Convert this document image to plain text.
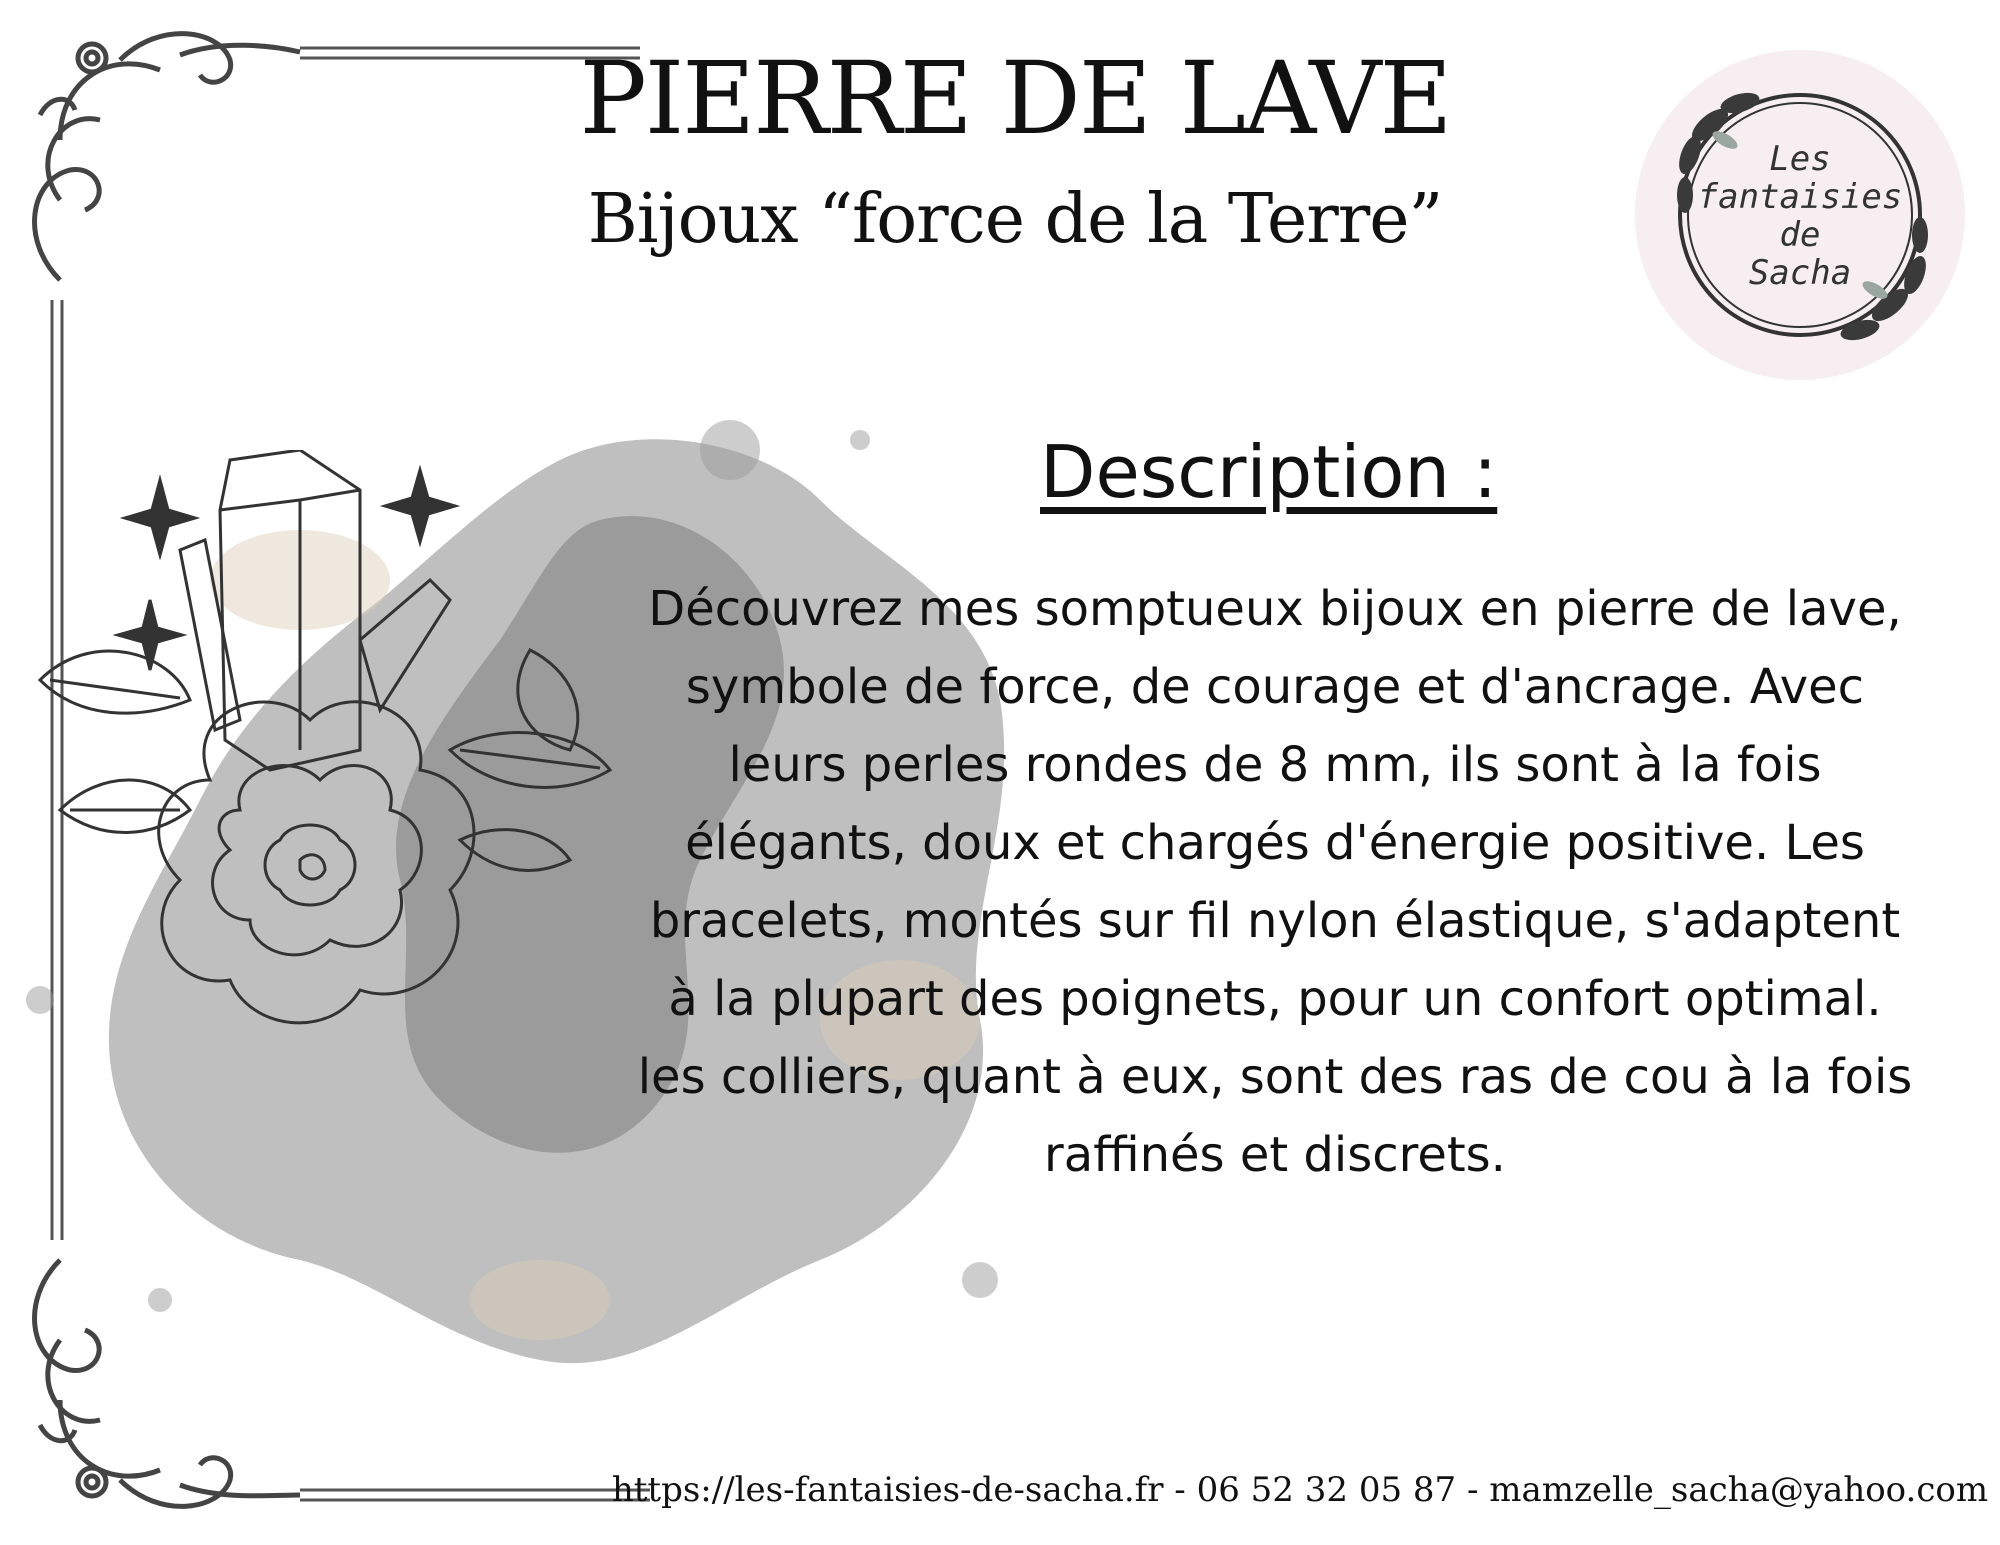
Les
fantaisies
de
Sacha
PIERRE DE LAVE
Bijoux “force de la Terre”
Description :

Découvrez mes somptueux bijoux en pierre de lave, symbole de force, de courage et d'ancrage. Avec leurs perles rondes de 8 mm, ils sont à la fois élégants, doux et chargés d'énergie positive. Les bracelets, montés sur fil nylon élastique, s'adaptent à la plupart des poignets, pour un confort optimal. les colliers, quant à eux, sont des ras de cou à la fois raffinés et discrets.

https://les-fantaisies-de-sacha.fr - 06 52 32 05 87 - mamzelle_sacha@yahoo.com
